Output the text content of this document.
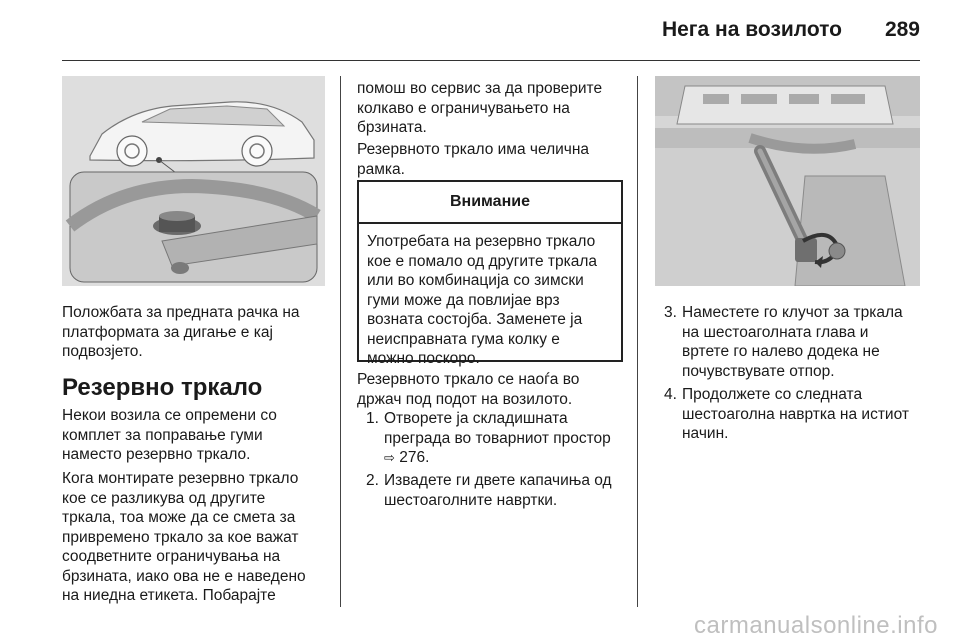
Нега на возилото 289

Положбата за предната рачка на

платформата за дигање е кај

подвозјето.

Резервно тркало

Некои возила се опремени со

комплет за поправање гуми

наместо резервно тркало.

Кога монтирате резервно тркало

кое се разликува од другите

тркала, тоа може да се смета за

привремено тркало за кое важат

соодветните ограничувања на

брзината, иако ова не е наведено

на ниедна етикета. Побарајте

помош во сервис за да проверите

колкаво е ограничувањето на

брзината.

Резервното тркало има челична

рамка.

Внимание
Употребата на резервно тркало
кое е помало од другите тркала
или во комбинација со зимски
гуми може да повлијае врз
возната состојба. Заменете ја
неисправната гума колку е
можно поскоро.

Резервното тркало се наоѓа во

држач под подот на возилото.

1. Отворете ја складишната
преграда во товарниот простор
⇨ 276.
2. Извадете ги двете капачиња од
шестоаголните навртки.
3. Наместете го клучот за тркала
на шестоаголната глава и
вртете го налево додека не
почувствувате отпор.
4. Продолжете со следната
шестоаголна навртка на истиот
начин.
carmanualsonline.info
